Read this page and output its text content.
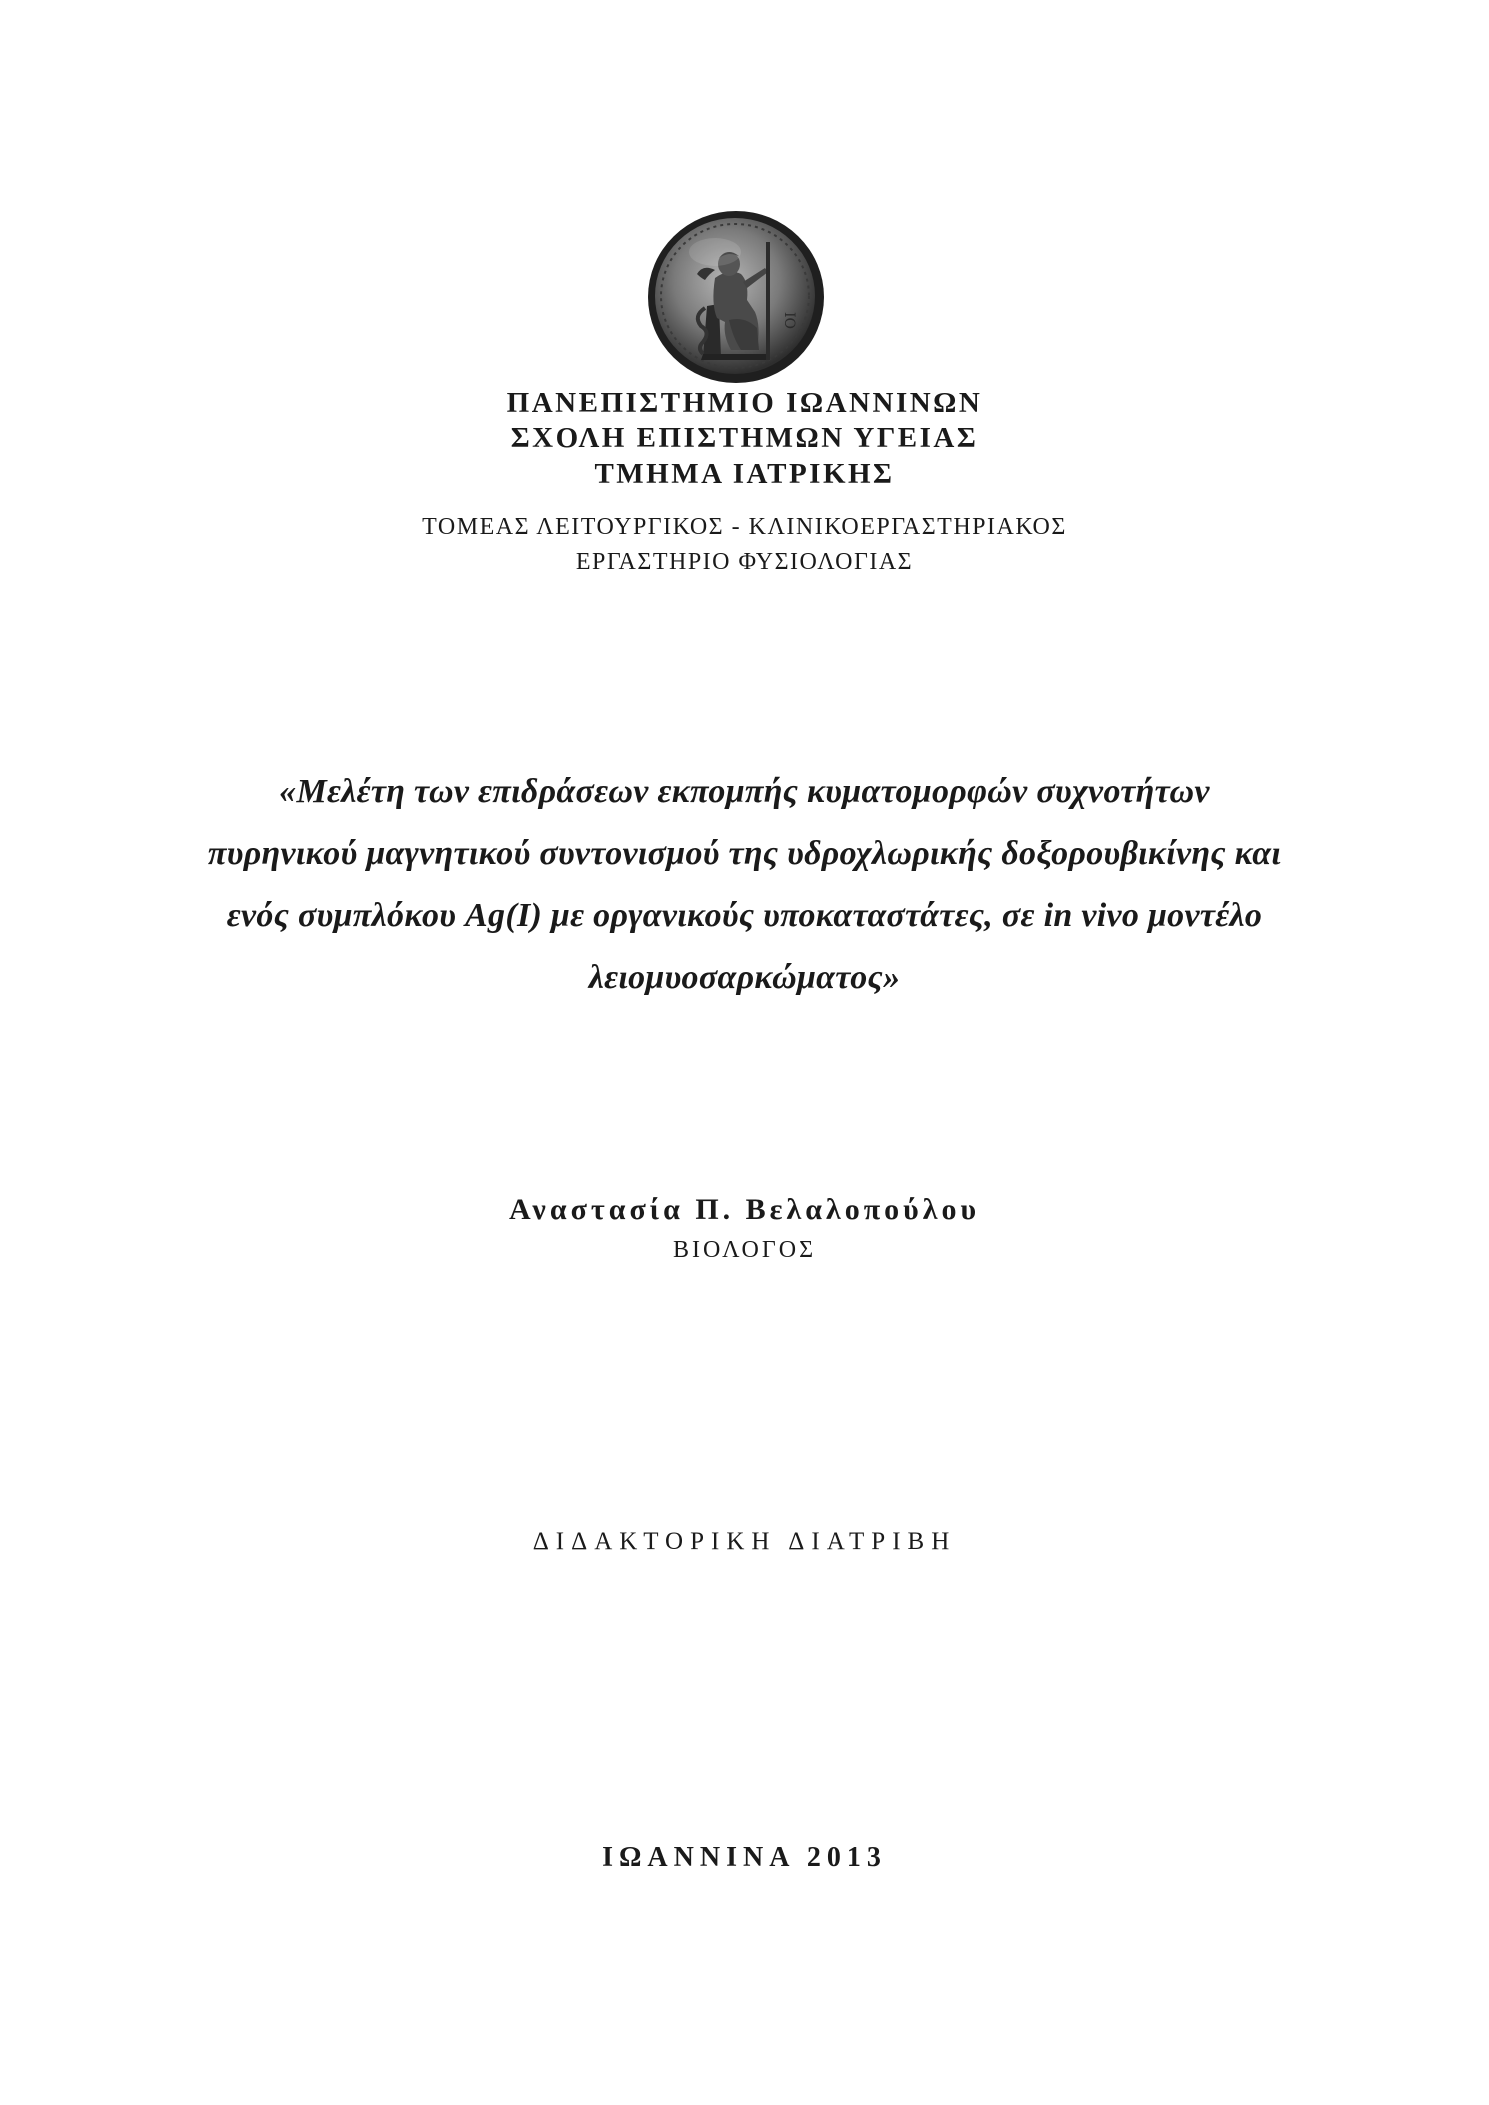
ΙΟ
ΠΑΝΕΠΙΣΤΗΜΙΟ ΙΩΑΝΝΙΝΩΝ
ΣΧΟΛΗ ΕΠΙΣΤΗΜΩΝ ΥΓΕΙΑΣ
ΤΜΗΜΑ ΙΑΤΡΙΚΗΣ
ΤΟΜΕΑΣ ΛΕΙΤΟΥΡΓΙΚΟΣ - ΚΛΙΝΙΚΟΕΡΓΑΣΤΗΡΙΑΚΟΣ
ΕΡΓΑΣΤΗΡΙΟ ΦΥΣΙΟΛΟΓΙΑΣ
«Μελέτη των επιδράσεων εκπομπής κυματομορφών συχνοτήτων
πυρηνικού μαγνητικού συντονισμού της υδροχλωρικής δοξορουβικίνης και
ενός συμπλόκου Ag(I) με οργανικούς υποκαταστάτες, σε in vivo μοντέλο
λειομυοσαρκώματος»
Αναστασία Π. Βελαλοπούλου
ΒΙΟΛΟΓΟΣ
ΔΙΔΑΚΤΟΡΙΚΗ ΔΙΑΤΡΙΒΗ
ΙΩΑΝΝΙΝΑ 2013
